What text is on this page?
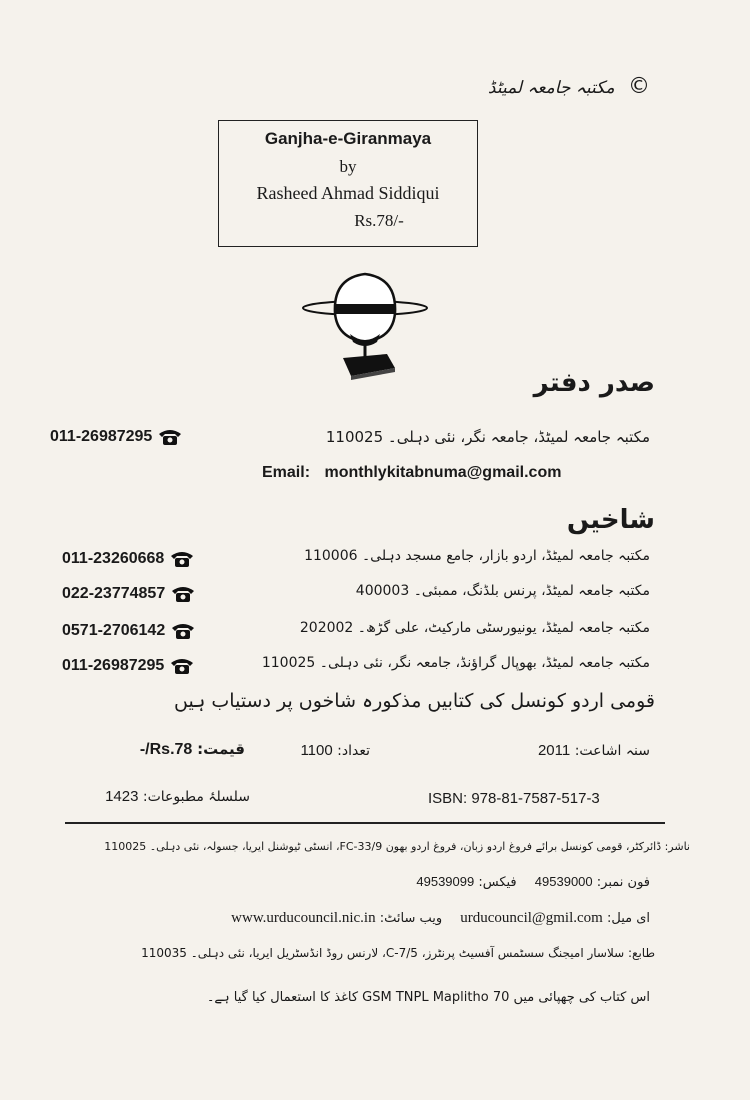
© مکتبہ جامعہ لمیٹڈ
Ganjha-e-Giranmaya
by
Rasheed Ahmad Siddiqui
Rs.78/-
صدر دفتر
مکتبہ جامعہ لمیٹڈ، جامعہ نگر، نئی دہلی۔ 110025
011-26987295
Email: monthlykitabnuma@gmail.com
شاخیں
مکتبہ جامعہ لمیٹڈ، اردو بازار، جامع مسجد دہلی۔ 110006
011-23260668
مکتبہ جامعہ لمیٹڈ، پرنس بلڈنگ، ممبئی۔ 400003
022-23774857
مکتبہ جامعہ لمیٹڈ، یونیورسٹی مارکیٹ، علی گڑھ۔ 202002
0571-2706142
مکتبہ جامعہ لمیٹڈ، بھوپال گراؤنڈ، جامعہ نگر، نئی دہلی۔ 110025
011-26987295
قومی اردو کونسل کی کتابیں مذکورہ شاخوں پر دستیاب ہیں
سنہ اشاعت: 2011
تعداد: 1100
قیمت: Rs.78/-
ISBN: 978-81-7587-517-3
سلسلۂ مطبوعات: 1423
ناشر: ڈائرکٹر، قومی کونسل برائے فروغ اردو زبان، فروغ اردو بھون FC-33/9، انسٹی ٹیوشنل ایریا، جسولہ، نئی دہلی۔ 110025
فون نمبر: 49539000 فیکس: 49539099
ای میل: urducouncil@gmil.com ویب سائٹ: www.urducouncil.nic.in
طابع: سلاسار امیجنگ سسٹمس آفسیٹ پرنٹرز، C-7/5، لارنس روڈ انڈسٹریل ایریا، نئی دہلی۔ 110035
اس کتاب کی چھپائی میں 70 GSM TNPL Maplitho کاغذ کا استعمال کیا گیا ہے۔
